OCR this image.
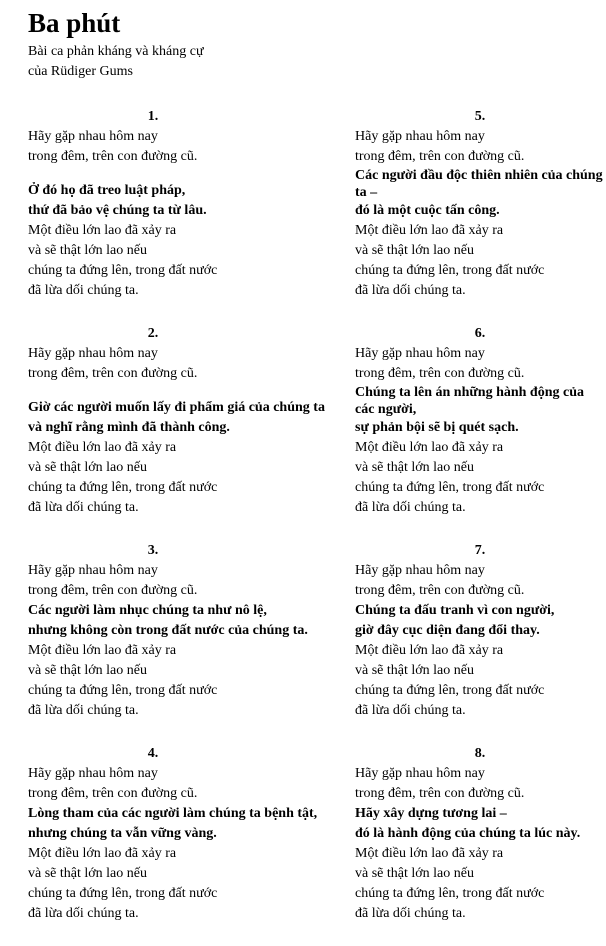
Ba phút
Bài ca phản kháng và kháng cự
của Rüdiger Gums
1.
Hãy gặp nhau hôm nay
trong đêm, trên con đường cũ.
Ở đó họ đã treo luật pháp,
thứ đã bảo vệ chúng ta từ lâu.
Một điều lớn lao đã xảy ra
và sẽ thật lớn lao nếu
chúng ta đứng lên, trong đất nước
đã lừa dối chúng ta.
2.
Hãy gặp nhau hôm nay
trong đêm, trên con đường cũ.
Giờ các người muốn lấy đi phẩm giá của chúng ta
và nghĩ rằng mình đã thành công.
Một điều lớn lao đã xảy ra
và sẽ thật lớn lao nếu
chúng ta đứng lên, trong đất nước
đã lừa dối chúng ta.
3.
Hãy gặp nhau hôm nay
trong đêm, trên con đường cũ.
Các người làm nhục chúng ta như nô lệ,
nhưng không còn trong đất nước của chúng ta.
Một điều lớn lao đã xảy ra
và sẽ thật lớn lao nếu
chúng ta đứng lên, trong đất nước
đã lừa dối chúng ta.
4.
Hãy gặp nhau hôm nay
trong đêm, trên con đường cũ.
Lòng tham của các người làm chúng ta bệnh tật,
nhưng chúng ta vẫn vững vàng.
Một điều lớn lao đã xảy ra
và sẽ thật lớn lao nếu
chúng ta đứng lên, trong đất nước
đã lừa dối chúng ta.
5.
Hãy gặp nhau hôm nay
trong đêm, trên con đường cũ.
Các người đầu độc thiên nhiên của chúng ta –
đó là một cuộc tấn công.
Một điều lớn lao đã xảy ra
và sẽ thật lớn lao nếu
chúng ta đứng lên, trong đất nước
đã lừa dối chúng ta.
6.
Hãy gặp nhau hôm nay
trong đêm, trên con đường cũ.
Chúng ta lên án những hành động của các người,
sự phản bội sẽ bị quét sạch.
Một điều lớn lao đã xảy ra
và sẽ thật lớn lao nếu
chúng ta đứng lên, trong đất nước
đã lừa dối chúng ta.
7.
Hãy gặp nhau hôm nay
trong đêm, trên con đường cũ.
Chúng ta đấu tranh vì con người,
giờ đây cục diện đang đổi thay.
Một điều lớn lao đã xảy ra
và sẽ thật lớn lao nếu
chúng ta đứng lên, trong đất nước
đã lừa dối chúng ta.
8.
Hãy gặp nhau hôm nay
trong đêm, trên con đường cũ.
Hãy xây dựng tương lai –
đó là hành động của chúng ta lúc này.
Một điều lớn lao đã xảy ra
và sẽ thật lớn lao nếu
chúng ta đứng lên, trong đất nước
đã lừa dối chúng ta.
